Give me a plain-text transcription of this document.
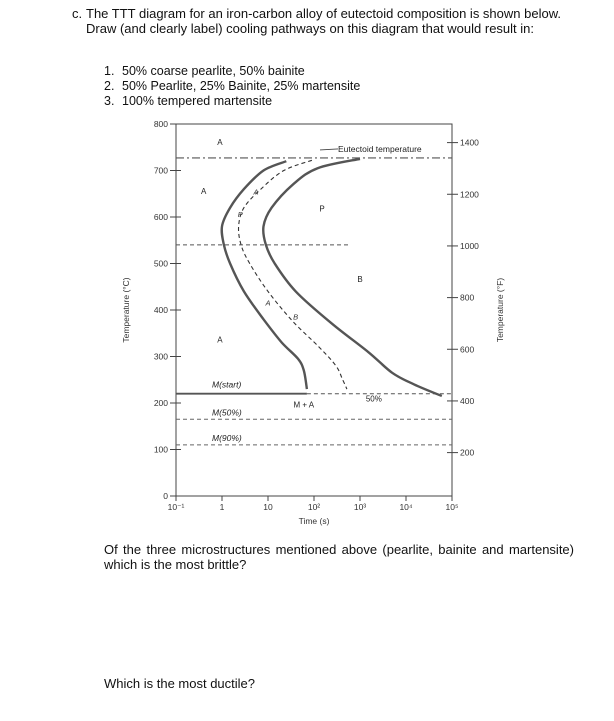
c. The TTT diagram for an iron-carbon alloy of eutectoid composition is shown below. Draw (and clearly label) cooling pathways on this diagram that would result in:
1. 50% coarse pearlite, 50% bainite
2. 50% Pearlite, 25% Bainite, 25% martensite
3. 100% tempered martensite
0
100
200
300
400
500
600
700
800
200
400
600
800
1000
1200
1400
10⁻¹	1	10	10²	10³	10⁴	10⁵
Time (s)
Temperature (°C)	Temperature (°F)
Eutectoid temperature
M(start)
M(50%)
M(90%)
A
A
A
P
B
M + A
50%
P
A
A
B
Of the three microstructures mentioned above (pearlite, bainite and martensite) which is the most brittle?
Which is the most ductile?
